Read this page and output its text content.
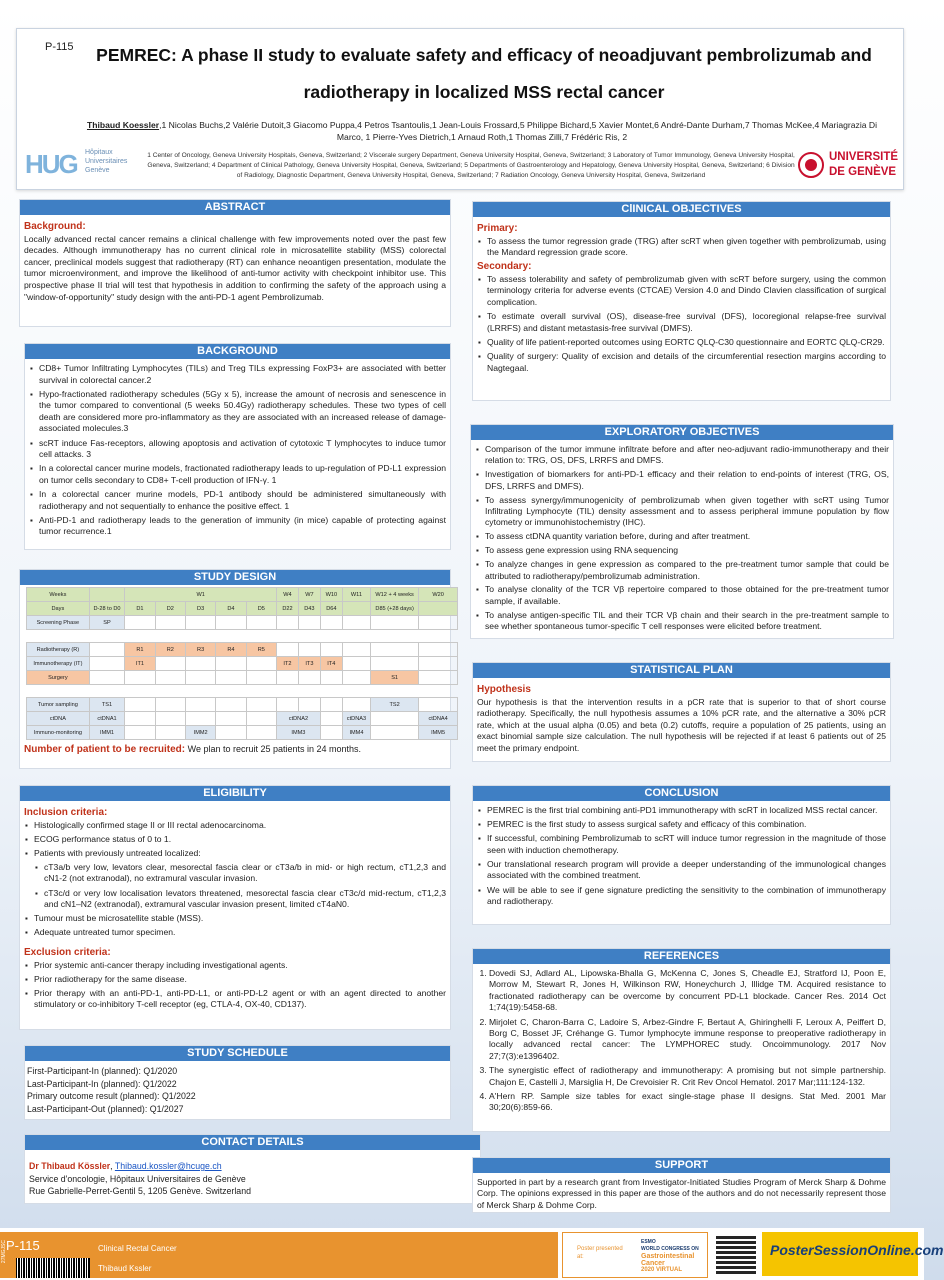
P-115	PEMREC: A phase II study to evaluate safety and efficacy of neoadjuvant pembrolizumab and radiotherapy in localized MSS rectal cancer
Thibaud Koessler,1 Nicolas Buchs,2 Valérie Dutoit,3 Giacomo Puppa,4 Petros Tsantoulis,1 Jean-Louis Frossard,5 Philippe Bichard,5 Xavier Montet,6 André-Dante Durham,7 Thomas McKee,4 Mariagrazia Di Marco, 1 Pierre-Yves Dietrich,1 Arnaud Roth,1 Thomas Zilli,7 Frédéric Ris, 2
1 Center of Oncology, Geneva University Hospitals, Geneva, Switzerland; 2 Viscerale surgery Department, Geneva University Hospital, Geneva, Switzerland; 3 Laboratory of Tumor Immunology, Geneva University Hospital, Geneva, Switzerland; 4 Department of Clinical Pathology, Geneva University Hospital, Geneva, Switzerland; 5 Departments of Gastroenterology and Hepatology, Geneva University Hospital, Geneva, Switzerland; 6 Division of Radiology, Diagnostic Department, Geneva University Hospital, Geneva, Switzerland; 7 Radiation Oncology, Geneva University Hospital, Geneva, Switzerland
HUG Hôpitaux
Universitaires
Genève
UNIVERSITÉ
DE GENÈVE
ABSTRACT
Background:

Locally advanced rectal cancer remains a clinical challenge with few improvements noted over the past few decades. Although immunotherapy has no current clinical role in microsatellite stability (MSS) colorectal cancer, preclinical models suggest that radiotherapy (RT) can enhance neoantigen presentation, modulate the tumor microenvironment, and improve the likelihood of anti-tumor activity with checkpoint inhibitor use. This prospective phase II trial will test that hypothesis in addition to confirming the safety of the approach using a "window-of-opportunity" study design with the anti-PD-1 agent Pembrolizumab.

BACKGROUND
▪ CD8+ Tumor Infiltrating Lymphocytes (TILs) and Treg TILs expressing FoxP3+ are associated with better survival in colorectal cancer.2
▪ Hypo-fractionated radiotherapy schedules (5Gy x 5), increase the amount of necrosis and senescence in the tumor compared to conventional (5 weeks 50.4Gy) radiotherapy schedules. These two types of cell death are considered more pro-inflammatory as they are associated with an increased release of damage-associated molecules.3
▪ scRT induce Fas-receptors, allowing apoptosis and activation of cytotoxic T lymphocytes to induce tumor cell attacks. 3
▪ In a colorectal cancer murine models, fractionated radiotherapy leads to up-regulation of PD-L1 expression on tumor cells secondary to CD8+ T-cell production of IFN-γ. 1
▪ In a colorectal cancer murine models, PD-1 antibody should be administered simultaneously with radiotherapy and not sequentially to enhance the positive effect. 1
▪ Anti-PD-1 and radiotherapy leads to the generation of immunity (in mice) capable of protecting against tumor recurrence.1
STUDY DESIGN
Weeks		W1					W4	W7	W10	W11	W12 + 4 weeks	W20
Days	D-28 to D0	D1	D2	D3	D4	D5	D22	D43	D64		D85 (+28 days)	
Screening Phase	SP											

Radiotherapy (R)		R1	R2	R3	R4	R5						
Immunotherapy (IT)		IT1					IT2	IT3	IT4			
Surgery											S1	

Tumor sampling	TS1										TS2	
ctDNA	ctDNA1						ctDNA2			ctDNA3		ctDNA4
Immuno-monitoring	IMM1			IMM2			IMM3			IMM4		IMM5
Number of patient to be recruited: We plan to recruit 25 patients in 24 months.
ELIGIBILITY
Inclusion criteria:
▪ Histologically confirmed stage II or III rectal adenocarcinoma.
▪ ECOG performance status of 0 to 1.
▪ Patients with previously untreated localized:
▪ cT3a/b very low, levators clear, mesorectal fascia clear or cT3a/b in mid- or high rectum, cT1,2,3 and cN1-2 (not extranodal), no extramural vascular invasion.
▪ cT3c/d or very low localisation levators threatened, mesorectal fascia clear cT3c/d mid-rectum, cT1,2,3 and cN1–N2 (extranodal), extramural vascular invasion present, limited cT4aN0.
▪ Tumour must be microsatellite stable (MSS).
▪ Adequate untreated tumor specimen.
Exclusion criteria:
▪ Prior systemic anti-cancer therapy including investigational agents.
▪ Prior radiotherapy for the same disease.
▪ Prior therapy with an anti-PD-1, anti-PD-L1, or anti-PD-L2 agent or with an agent directed to another stimulatory or co-inhibitory T-cell receptor (eg, CTLA-4, OX-40, CD137).
STUDY SCHEDULE
First-Participant-In (planned): Q1/2020
Last-Participant-In (planned): Q1/2022
Primary outcome result (planned): Q1/2022
Last-Participant-Out (planned): Q1/2027
CONTACT DETAILS
Dr Thibaud Kössler, Thibaud.kossler@hcuge.ch
Service d'oncologie, Hôpitaux Universitaires de Genève
Rue Gabrielle-Perret-Gentil 5, 1205 Genève. Switzerland
ClINICAL OBJECTIVES
Primary:
▪ To assess the tumor regression grade (TRG) after scRT when given together with pembrolizumab, using the Mandard regression grade score.
Secondary:
▪ To assess tolerability and safety of pembrolizumab given with scRT before surgery, using the common terminology criteria for adverse events (CTCAE) Version 4.0 and Dindo Clavien classification of surgical complication.
▪ To estimate overall survival (OS), disease-free survival (DFS), locoregional relapse-free survival (LRRFS) and distant metastasis-free survival (DMFS).
▪ Quality of life patient-reported outcomes using EORTC QLQ-C30 questionnaire and EORTC QLQ-CR29.
▪ Quality of surgery: Quality of excision and details of the circumferential resection margins according to Nagtegaal.
EXPLORATORY OBJECTIVES
▪ Comparison of the tumor immune infiltrate before and after neo-adjuvant radio-immunotherapy and their relation to: TRG, OS, DFS, LRRFS and DMFS.
▪ Investigation of biomarkers for anti-PD-1 efficacy and their relation to end-points of interest (TRG, OS, DFS, LRRFS and DMFS).
▪ To assess synergy/immunogenicity of pembrolizumab when given together with scRT using Tumor Infiltrating Lymphocyte (TIL) density assessment and to assess peripheral immune population by flow cytometry or immunohistochemistry (IHC).
▪ To assess ctDNA quantity variation before, during and after treatment.
▪ To assess gene expression using RNA sequencing
▪ To analyze changes in gene expression as compared to the pre-treatment tumor sample that could be attributed to radiotherapy/pembrolizumab administration.
▪ To analyse clonality of the TCR Vβ repertoire compared to those obtained for the pre-treatment tumor sample, if available.
▪ To analyse antigen-specific TIL and their TCR Vβ chain and their search in the pre-treatment sample to see whether spontaneous tumor-specific T cell responses were elicited before treatment.
STATISTICAL PLAN
Hypothesis

Our hypothesis is that the intervention results in a pCR rate that is superior to that of short course radiotherapy. Specifically, the null hypothesis assumes a 10% pCR rate, and the alternative a 30% pCR rate, which at the usual alpha (0.05) and beta (0.2) cutoffs, require a population of 25 patients, using an exact binomial sample size calculation. The null hypothesis will be rejected if at least 6 patients out of 25 meet the primary endpoint.

CONCLUSION
▪ PEMREC is the first trial combining anti-PD1 immunotherapy with scRT in localized MSS rectal cancer.
▪ PEMREC is the first study to assess surgical safety and efficacy of this combination.
▪ If successful, combining Pembrolizumab to scRT will induce tumor regression in the magnitude of those seen with induction chemotherapy.
▪ Our translational research program will provide a deeper understanding of the immunological changes associated with the combined treatment.
▪ We will be able to see if gene signature predicting the sensitivity to the combination of immunotherapy and radiotherapy.
REFERENCES
1. Dovedi SJ, Adlard AL, Lipowska-Bhalla G, McKenna C, Jones S, Cheadle EJ, Stratford IJ, Poon E, Morrow M, Stewart R, Jones H, Wilkinson RW, Honeychurch J, Illidge TM. Acquired resistance to fractionated radiotherapy can be overcome by concurrent PD-L1 blockade. Cancer Res. 2014 Oct 1;74(19):5458-68.
2. Mirjolet C, Charon-Barra C, Ladoire S, Arbez-Gindre F, Bertaut A, Ghiringhelli F, Leroux A, Peiffert D, Borg C, Bosset JF, Créhange G. Tumor lymphocyte immune response to preoperative radiotherapy in locally advanced rectal cancer: The LYMPHOREC study. Oncoimmunology. 2017 Nov 27;7(3):e1396402.
3. The synergistic effect of radiotherapy and immunotherapy: A promising but not simple partnership. Chajon E, Castelli J, Marsiglia H, De Crevoisier R. Crit Rev Oncol Hematol. 2017 Mar;111:124-132.
4. A'Hern RP. Sample size tables for exact single-stage phase II designs. Stat Med. 2001 Mar 30;20(6):859-66.
SUPPORT

Supported in part by a research grant from Investigator-Initiated Studies Program of Merck Sharp & Dohme Corp. The opinions expressed in this paper are those of the authors and do not necessarily represent those of Merck Sharp & Dohme Corp.

27MGJSC P-115	Clinical Rectal Cancer
Thibaud Kssler
Poster presented at:
ESMO
WORLD CONGRESS ON
Gastrointestinal
Cancer
2020 VIRTUAL
PosterSessionOnline.com
